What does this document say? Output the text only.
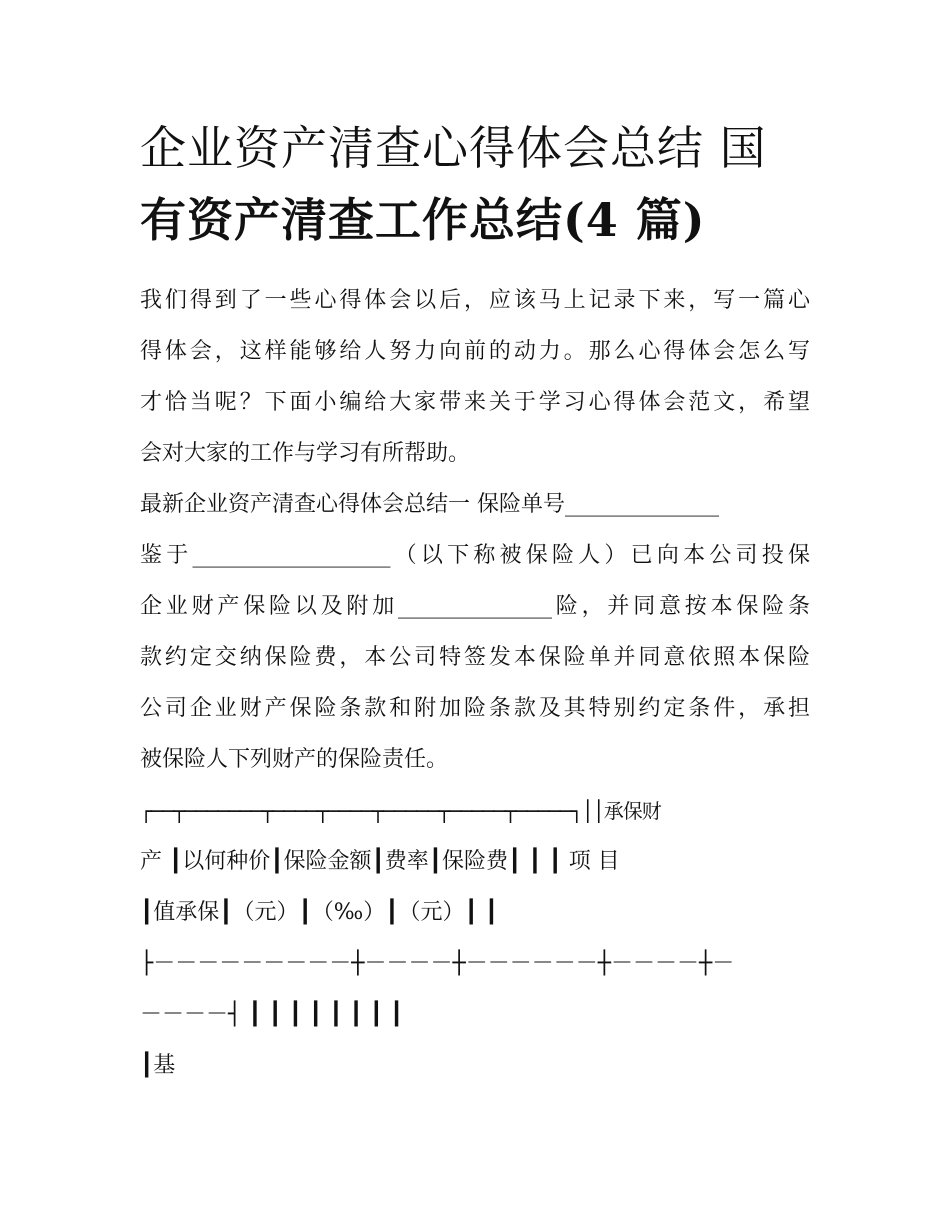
企业资产清查心得体会总结 国
有资产清查工作总结(4 篇)

我们得到了一些心得体会以后，应该马上记录下来，写一篇心

得体会，这样能够给人努力向前的动力。那么心得体会怎么写

才恰当呢？下面小编给大家带来关于学习心得体会范文，希望

会对大家的工作与学习有所帮助。

最新企业资产清查心得体会总结一 保险单号______________

鉴于__________________（以下称被保险人）已向本公司投保

企业财产保险以及附加______________险，并同意按本保险条

款约定交纳保险费，本公司特签发本保险单并同意依照本保险

公司企业财产保险条款和附加险条款及其特别约定条件，承担

被保险人下列财产的保险责任。

┌──┬───────┬────┬────┬─────┬─────┬─────┐││承保财

产 ┃以何种价┃保险金额┃费率┃保险费┃ ┃ ┃ 项 目

┃值承保┃（元）┃（‰）┃（元）┃ ┃

├－－－－－－－－－┼－－－－┼－－－－－－┼－－－－┼－

－－－－┤ ┃ ┃ ┃ ┃ ┃ ┃ ┃ ┃

┃基
